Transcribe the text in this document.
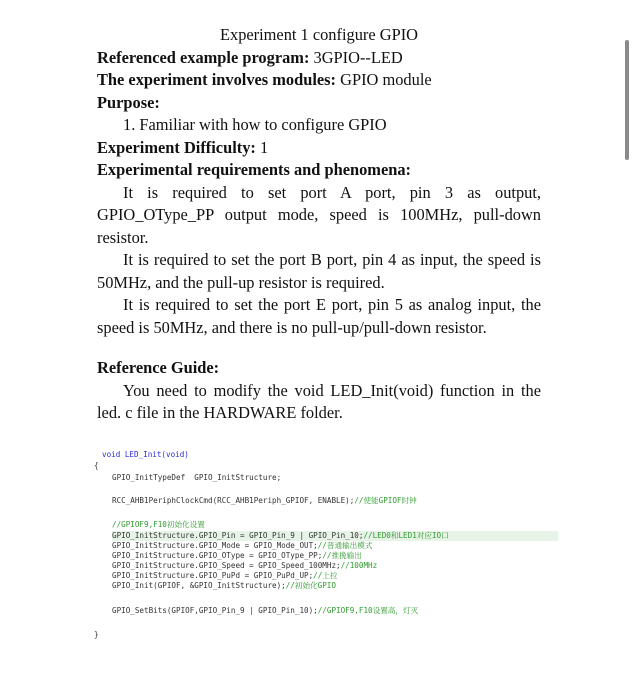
Experiment 1 configure GPIO
Referenced example program: 3GPIO--LED
The experiment involves modules: GPIO module
Purpose:
1. Familiar with how to configure GPIO
Experiment Difficulty: 1
Experimental requirements and phenomena:
It is required to set port A port, pin 3 as output, GPIO_OType_PP output mode, speed is 100MHz, pull-down resistor.
It is required to set the port B port, pin 4 as input, the speed is 50MHz, and the pull-up resistor is required.
It is required to set the port E port, pin 5 as analog input, the speed is 50MHz, and there is no pull-up/pull-down resistor.
Reference Guide:
You need to modify the void LED_Init(void) function in the led. c file in the HARDWARE folder.
void LED_Init(void)
{
GPIO_InitTypeDef  GPIO_InitStructure;
RCC_AHB1PeriphClockCmd(RCC_AHB1Periph_GPIOF, ENABLE);//使能GPIOF时钟
//GPIOF9,F10初始化设置
GPIO_InitStructure.GPIO_Pin = GPIO_Pin_9 | GPIO_Pin_10;//LED0和LED1对应IO口
GPIO_InitStructure.GPIO_Mode = GPIO_Mode_OUT;//普通输出模式
GPIO_InitStructure.GPIO_OType = GPIO_OType_PP;//推挽输出
GPIO_InitStructure.GPIO_Speed = GPIO_Speed_100MHz;//100MHz
GPIO_InitStructure.GPIO_PuPd = GPIO_PuPd_UP;//上拉
GPIO_Init(GPIOF, &GPIO_InitStructure);//初始化GPIO
GPIO_SetBits(GPIOF,GPIO_Pin_9 | GPIO_Pin_10);//GPIOF9,F10设置高，灯灭
}
